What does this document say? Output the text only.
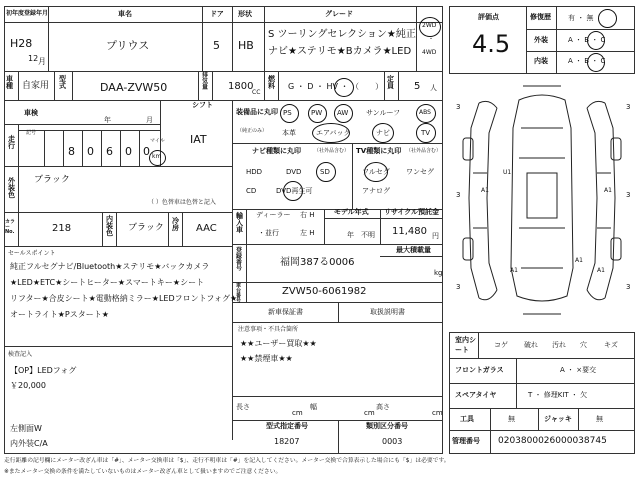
初年度登録年月	車名	ドア 形状	グレード
H28
12 月
プリウス	5 HB
S ツーリングセレクション★純正
ナビ★ステリモ★Bカメラ★LED
2WD
・
4WD
車種	自家用
型式	DAA-ZVW50
排気量 1800
CC
燃料 G ・ D ・ HV ・ （　　）
定員 5 人
車検
年	月
記号
走行	8 0 6 0 0
マイル
km
シフト
IAT
外装色
ブラック
（ ）色替車は色替と記入
カラーNo.	218
内装色 ブラック
冷房 AAC
セールスポイント
純正フルセグナビ/Bluetooth★ステリモ★バックカメラ
★LED★ETC★シートヒーター★スマートキー★シート
リフター★合皮シート★電動格納ミラー★LEDフロントフォグ★
オートライト★Pスタート★
検査記入
【OP】LEDフォグ
￥20,000
左側面W
内外装C/A
装備品に丸印
（純正のみ）
PS	PW AW	サンルーフ	ABS
本革	エアバック	ナビ	TV
ナビ種類に丸印	（社外品含む）
HDD	DVD	SD
CD	DVD再生可
TV種類に丸印 （社外品含む）
フルセグ ワンセグ
アナログ
輸入車
ディーラー
・並行
右 H
左 H
モデル年式
年　不明
リサイクル預託金
11,480 円
登録番号
福岡387る0006
最大積載量
kg
車台番号
ZVW50-6061982
新車保証書	取扱説明書
注意事項・不具合箇所
★★ユーザー買取★★
★★禁煙車★★
長さ
cm
幅
cm
高さ
cm
型式指定番号
18207
類別区分番号
0003
評価点
4.5
修復歴 有 ・ 無
外装	A ・ B ・ C
内装	A ・ B ・ C
3	3
3	3
3	3
U1
A1	A1
A1
A1	A1
室内シート
コゲ 破れ 汚れ 穴 キズ
フロントガラス	A ・ ×要交
スペアタイヤ	T ・ 修理KIT ・ 欠
工具	無	ジャッキ	無
管理番号 0203800026000038745
走行距離の記号欄にメーター改ざん車は「#」、メーター交換車は「$」、走行不明車は「#」を記入してください。メーター交換で合算表示した場合にも「$」は必要です。
※またメーター交換の条件を満たしていないものはメーター改ざん車として扱いますのでご注意ください。
